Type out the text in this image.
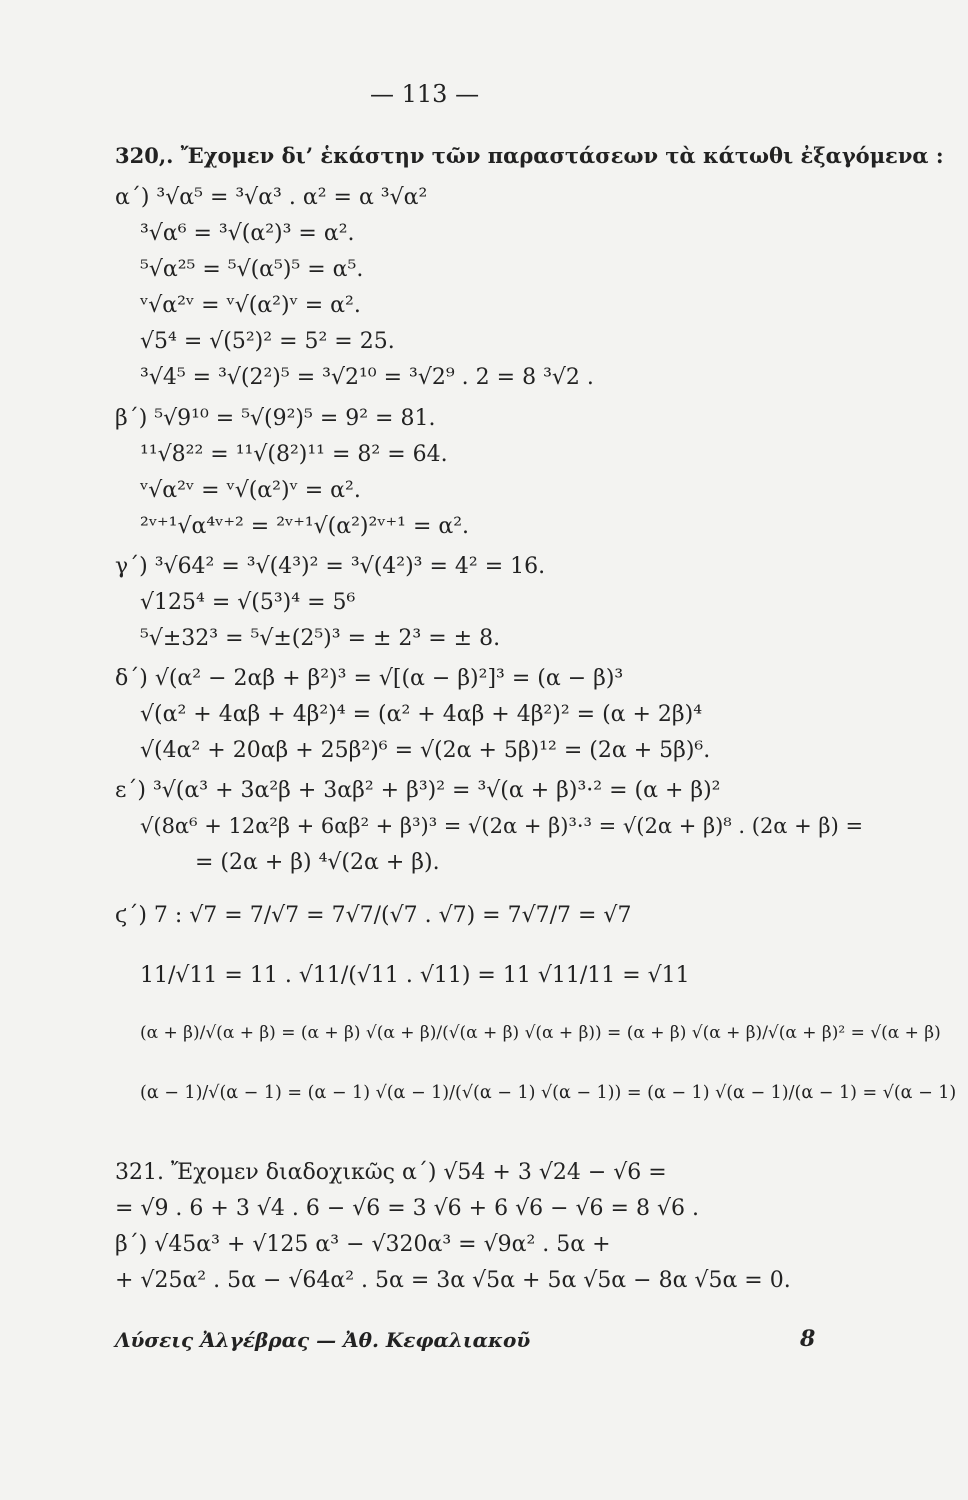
— 113 —
320,. Ἔχομεν δι’ ἑκάστην τῶν παραστάσεων τὰ κάτωθι ἐξαγόμενα :
α΄) ³√α⁵ = ³√α³ . α² = α ³√α²
³√α⁶ = ³√(α²)³ = α².
⁵√α²⁵ = ⁵√(α⁵)⁵ = α⁵.
ᵛ√α²ᵛ = ᵛ√(α²)ᵛ = α².
√5⁴ = √(5²)² = 5² = 25.
³√4⁵ = ³√(2²)⁵ = ³√2¹⁰ = ³√2⁹ . 2 = 8 ³√2 .
β΄) ⁵√9¹⁰ = ⁵√(9²)⁵ = 9² = 81.
¹¹√8²² = ¹¹√(8²)¹¹ = 8² = 64.
ᵛ√α²ᵛ = ᵛ√(α²)ᵛ = α².
²ᵛ⁺¹√α⁴ᵛ⁺² = ²ᵛ⁺¹√(α²)²ᵛ⁺¹ = α².
γ΄) ³√64² = ³√(4³)² = ³√(4²)³ = 4² = 16.
√125⁴ = √(5³)⁴ = 5⁶
⁵√±32³ = ⁵√±(2⁵)³ = ± 2³ = ± 8.
δ΄) √(α² − 2αβ + β²)³ = √[(α − β)²]³ = (α − β)³
√(α² + 4αβ + 4β²)⁴ = (α² + 4αβ + 4β²)² = (α + 2β)⁴
√(4α² + 20αβ + 25β²)⁶ = √(2α + 5β)¹² = (2α + 5β)⁶.
ε΄) ³√(α³ + 3α²β + 3αβ² + β³)² = ³√(α + β)³·² = (α + β)²
√(8α⁶ + 12α²β + 6αβ² + β³)³ = √(2α + β)³·³ = √(2α + β)⁸ . (2α + β) =
= (2α + β) ⁴√(2α + β).
ϛ΄) 7 : √7 = 7/√7 = 7√7/(√7 . √7) = 7√7/7 = √7
11/√11 = 11 . √11/(√11 . √11) = 11 √11/11 = √11
(α + β)/√(α + β) = (α + β) √(α + β)/(√(α + β) √(α + β)) = (α + β) √(α + β)/√(α + β)² = √(α + β)
(α − 1)/√(α − 1) = (α − 1) √(α − 1)/(√(α − 1) √(α − 1)) = (α − 1) √(α − 1)/(α − 1) = √(α − 1)
321. Ἔχομεν διαδοχικῶς α΄) √54 + 3 √24 − √6 =
= √9 . 6 + 3 √4 . 6 − √6 = 3 √6 + 6 √6 − √6 = 8 √6 .
β΄) √45α³ + √125 α³ − √320α³ = √9α² . 5α +
+ √25α² . 5α − √64α² . 5α = 3α √5α + 5α √5α − 8α √5α = 0.
Λύσεις Ἀλγέβρας — Ἀθ. Κεφαλιακοῦ	8
